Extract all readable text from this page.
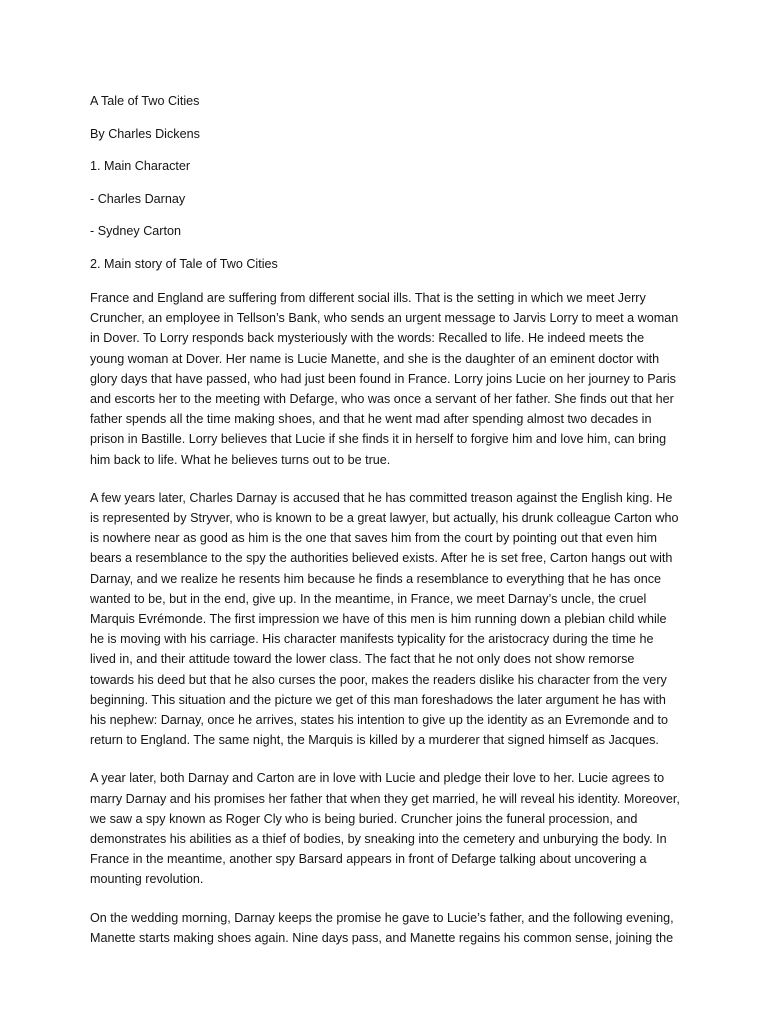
A Tale of Two Cities

By Charles Dickens

1. Main Character

- Charles Darnay

- Sydney Carton

2. Main story of Tale of Two Cities

France and England are suffering from different social ills. That is the setting in which we meet Jerry Cruncher, an employee in Tellson’s Bank, who sends an urgent message to Jarvis Lorry to meet a woman in Dover. To Lorry responds back mysteriously with the words: Recalled to life. He indeed meets the young woman at Dover. Her name is Lucie Manette, and she is the daughter of an eminent doctor with glory days that have passed, who had just been found in France. Lorry joins Lucie on her journey to Paris and escorts her to the meeting with Defarge, who was once a servant of her father. She finds out that her father spends all the time making shoes, and that he went mad after spending almost two decades in prison in Bastille. Lorry believes that Lucie if she finds it in herself to forgive him and love him, can bring him back to life. What he believes turns out to be true.

A few years later, Charles Darnay is accused that he has committed treason against the English king. He is represented by Stryver, who is known to be a great lawyer, but actually, his drunk colleague Carton who is nowhere near as good as him is the one that saves him from the court by pointing out that even him bears a resemblance to the spy the authorities believed exists. After he is set free, Carton hangs out with Darnay, and we realize he resents him because he finds a resemblance to everything that he has once wanted to be, but in the end, give up. In the meantime, in France, we meet Darnay’s uncle, the cruel Marquis Evrémonde. The first impression we have of this men is him running down a plebian child while he is moving with his carriage. His character manifests typicality for the aristocracy during the time he lived in, and their attitude toward the lower class. The fact that he not only does not show remorse towards his deed but that he also curses the poor, makes the readers dislike his character from the very beginning. This situation and the picture we get of this man foreshadows the later argument he has with his nephew: Darnay, once he arrives, states his intention to give up the identity as an Evremonde and to return to England. The same night, the Marquis is killed by a murderer that signed himself as Jacques.

A year later, both Darnay and Carton are in love with Lucie and pledge their love to her. Lucie agrees to marry Darnay and his promises her father that when they get married, he will reveal his identity. Moreover, we saw a spy known as Roger Cly who is being buried. Cruncher joins the funeral procession, and demonstrates his abilities as a thief of bodies, by sneaking into the cemetery and unburying the body. In France in the meantime, another spy Barsard appears in front of Defarge talking about uncovering a mounting revolution.

On the wedding morning, Darnay keeps the promise he gave to Lucie’s father, and the following evening, Manette starts making shoes again. Nine days pass, and Manette regains his common sense, joining the
